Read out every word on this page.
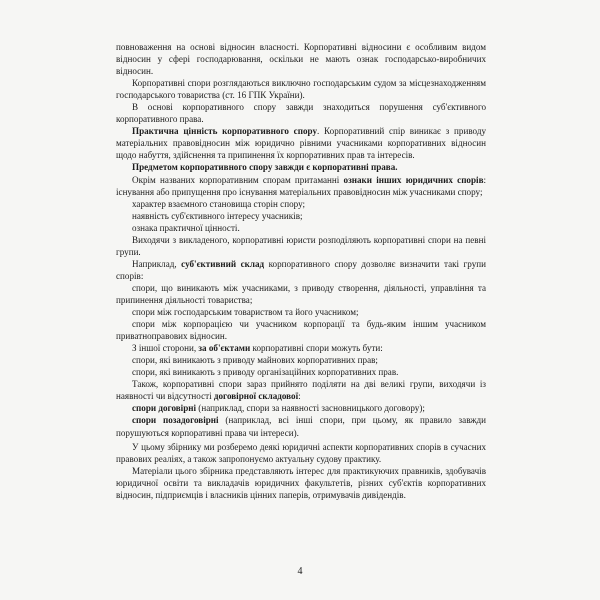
повноваження на основі відносин власності. Корпоративні відносини є особливим видом відносин у сфері господарювання, оскільки не мають ознак господарсько-виробничих відносин.

Корпоративні спори розглядаються виключно господарським судом за місцезнаходженням господарського товариства (ст. 16 ГПК України).

В основі корпоративного спору завжди знаходиться порушення суб'єктивного корпоративного права.

Практична цінність корпоративного спору. Корпоративний спір виникає з приводу матеріальних правовідносин між юридично рівними учасниками корпоративних відносин щодо набуття, здійснення та припинення їх корпоративних прав та інтересів.

Предметом корпоративного спору завжди є корпоративні права.

Окрім названих корпоративним спорам притаманні ознаки інших юридичних спорів: існування або припущення про існування матеріальних правовідносин між учасниками спору;

характер взаємного становища сторін спору;

наявність суб'єктивного інтересу учасників;

ознака практичної цінності.

Виходячи з викладеного, корпоративні юристи розподіляють корпоративні спори на певні групи.

Наприклад, суб'єктивний склад корпоративного спору дозволяє визначити такі групи спорів:

спори, що виникають між учасниками, з приводу створення, діяльності, управління та припинення діяльності товариства;

спори між господарським товариством та його учасником;

спори між корпорацією чи учасником корпорації та будь-яким іншим учасником приватноправових відносин.

З іншої сторони, за об'єктами корпоративні спори можуть бути:

спори, які виникають з приводу майнових корпоративних прав;

спори, які виникають з приводу організаційних корпоративних прав.

Також, корпоративні спори зараз прийнято поділяти на дві великі групи, виходячи із наявності чи відсутності договірної складової:

спори договірні (наприклад, спори за наявності засновницького договору);

спори позадоговірні (наприклад, всі інші спори, при цьому, як правило завжди порушуються корпоративні права чи інтереси).

У цьому збірнику ми розберемо деякі юридичні аспекти корпоративних спорів в сучасних правових реаліях, а також запропонуємо актуальну судову практику.

Матеріали цього збірника представляють інтерес для практикуючих правників, здобувачів юридичної освіти та викладачів юридичних факультетів, різних суб'єктів корпоративних відносин, підприємців і власників цінних паперів, отримувачів дивідендів.

4
